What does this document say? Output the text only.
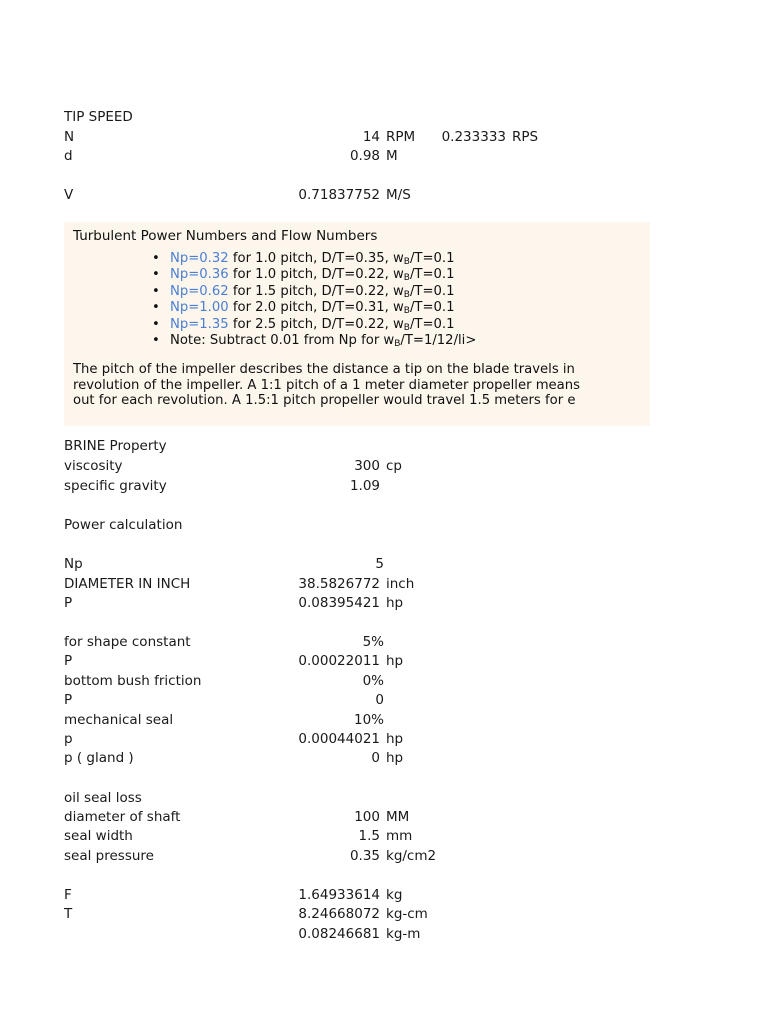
TIP SPEED
N	14 RPM	0.233333 RPS
d	0.98 M
V	0.71837752 M/S
Turbulent Power Numbers and Flow Numbers
• Np=0.32 for 1.0 pitch, D/T=0.35, $w_B/T=0.1$
• Np=0.36 for 1.0 pitch, D/T=0.22, $w_B/T=0.1$
• Np=0.62 for 1.5 pitch, D/T=0.22, $w_B/T=0.1$
• Np=1.00 for 2.0 pitch, D/T=0.31, $w_B/T=0.1$
• Np=1.35 for 2.5 pitch, D/T=0.22, $w_B/T=0.1$
• Note: Subtract 0.01 from Np for $w_B/T=1/12/li>$
The pitch of the impeller describes the distance a tip on the blade travels in
revolution of the impeller. A 1:1 pitch of a 1 meter diameter propeller means
out for each revolution. A 1.5:1 pitch propeller would travel 1.5 meters for e
BRINE Property
viscosity	300 cp
specific gravity	1.09
Power calculation
Np	5
DIAMETER IN INCH	38.5826772 inch
P	0.08395421 hp
for shape constant	5%
P	0.00022011 hp
bottom bush friction	0%
P	0
mechanical seal	10%
p	0.00044021 hp
p ( gland )	0 hp
oil seal loss
diameter of shaft	100 MM
seal width	1.5 mm
seal pressure	0.35 kg/cm2
F	1.64933614 kg
T	8.24668072 kg-cm
0.08246681 kg-m
